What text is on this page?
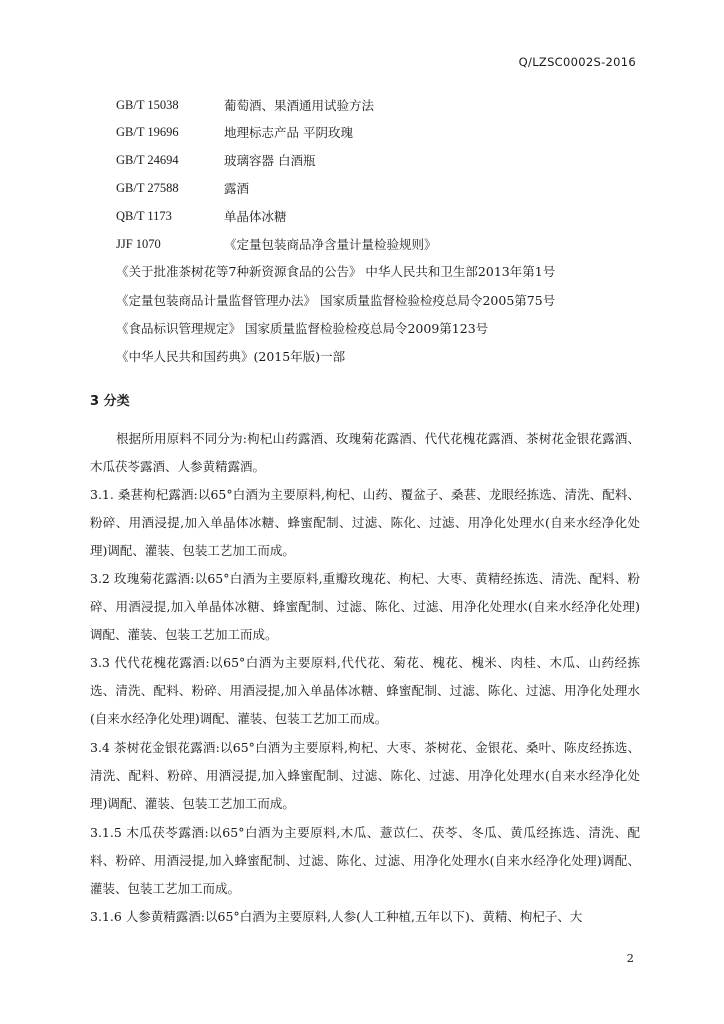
Q/LZSC0002S-2016
GB/T 15038	葡萄酒、果酒通用试验方法
GB/T 19696	地理标志产品 平阴玫瑰
GB/T 24694	玻璃容器 白酒瓶
GB/T 27588	露酒
QB/T 1173	单晶体冰糖
JJF 1070	《定量包装商品净含量计量检验规则》
《关于批准茶树花等7种新资源食品的公告》 中华人民共和卫生部2013年第1号
《定量包装商品计量监督管理办法》 国家质量监督检验检疫总局令2005第75号
《食品标识管理规定》 国家质量监督检验检疫总局令2009第123号
《中华人民共和国药典》(2015年版)一部
3 分类
根据所用原料不同分为:枸杞山药露酒、玫瑰菊花露酒、代代花槐花露酒、茶树花金银花露酒、木瓜茯苓露酒、人参黄精露酒。
3.1. 桑葚枸杞露酒:以65°白酒为主要原料,枸杞、山药、覆盆子、桑葚、龙眼经拣选、清洗、配料、粉碎、用酒浸提,加入单晶体冰糖、蜂蜜配制、过滤、陈化、过滤、用净化处理水(自来水经净化处理)调配、灌装、包装工艺加工而成。
3.2 玫瑰菊花露酒:以65°白酒为主要原料,重瓣玫瑰花、枸杞、大枣、黄精经拣选、清洗、配料、粉碎、用酒浸提,加入单晶体冰糖、蜂蜜配制、过滤、陈化、过滤、用净化处理水(自来水经净化处理)调配、灌装、包装工艺加工而成。
3.3 代代花槐花露酒:以65°白酒为主要原料,代代花、菊花、槐花、槐米、肉桂、木瓜、山药经拣选、清洗、配料、粉碎、用酒浸提,加入单晶体冰糖、蜂蜜配制、过滤、陈化、过滤、用净化处理水(自来水经净化处理)调配、灌装、包装工艺加工而成。
3.4 茶树花金银花露酒:以65°白酒为主要原料,枸杞、大枣、茶树花、金银花、桑叶、陈皮经拣选、清洗、配料、粉碎、用酒浸提,加入蜂蜜配制、过滤、陈化、过滤、用净化处理水(自来水经净化处理)调配、灌装、包装工艺加工而成。
3.1.5 木瓜茯苓露酒:以65°白酒为主要原料,木瓜、薏苡仁、茯苓、冬瓜、黄瓜经拣选、清洗、配料、粉碎、用酒浸提,加入蜂蜜配制、过滤、陈化、过滤、用净化处理水(自来水经净化处理)调配、灌装、包装工艺加工而成。
3.1.6 人参黄精露酒:以65°白酒为主要原料,人参(人工种植,五年以下)、黄精、枸杞子、大
2
